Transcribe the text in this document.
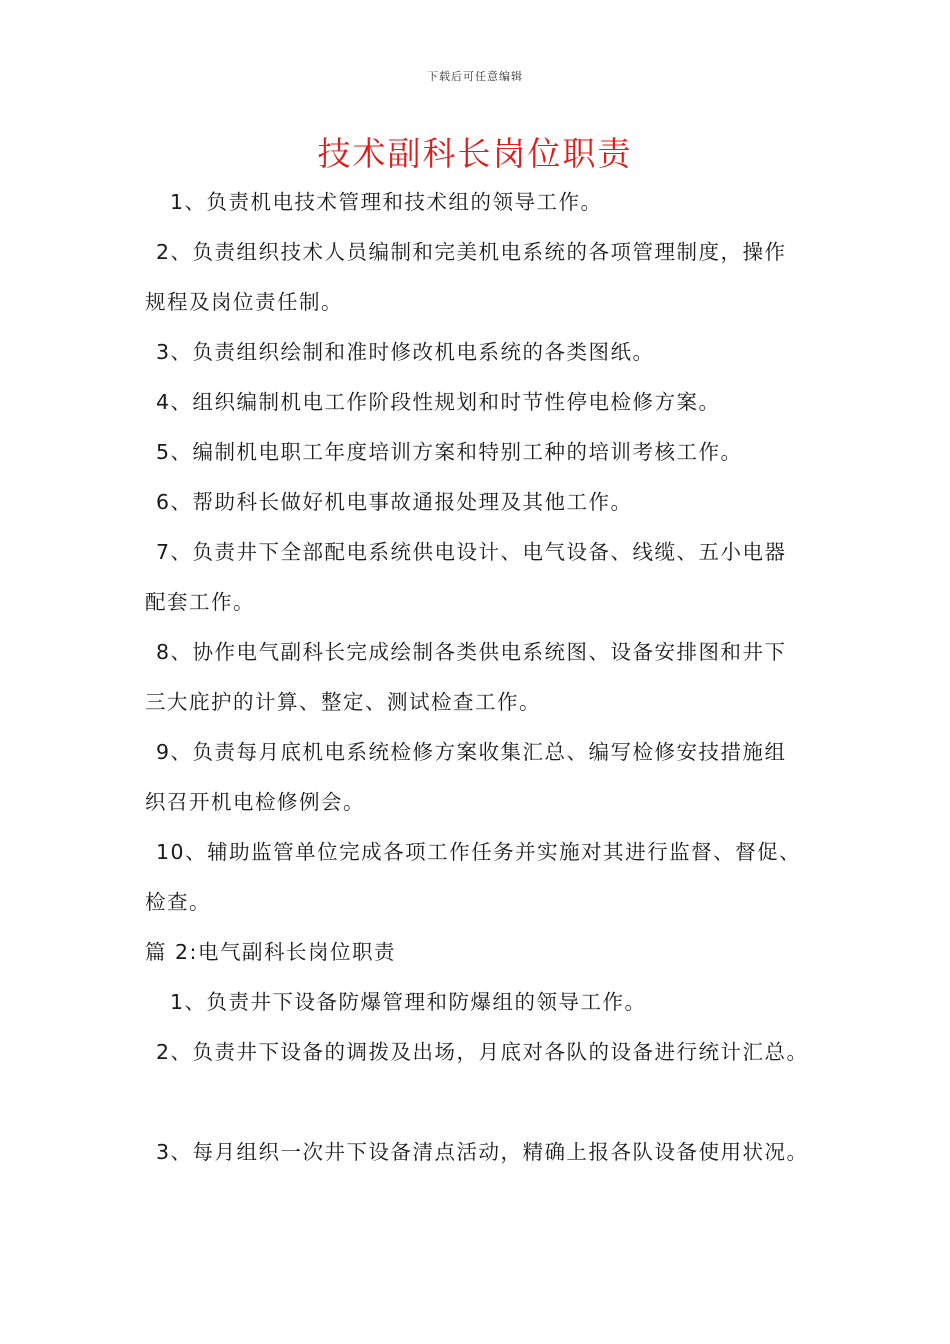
下载后可任意编辑
技术副科长岗位职责
1、负责机电技术管理和技术组的领导工作。
2、负责组织技术人员编制和完美机电系统的各项管理制度，操作
规程及岗位责任制。
3、负责组织绘制和准时修改机电系统的各类图纸。
4、组织编制机电工作阶段性规划和时节性停电检修方案。
5、编制机电职工年度培训方案和特别工种的培训考核工作。
6、帮助科长做好机电事故通报处理及其他工作。
7、负责井下全部配电系统供电设计、电气设备、线缆、五小电器
配套工作。
8、协作电气副科长完成绘制各类供电系统图、设备安排图和井下
三大庇护的计算、整定、测试检查工作。
9、负责每月底机电系统检修方案收集汇总、编写检修安技措施组
织召开机电检修例会。
10、辅助监管单位完成各项工作任务并实施对其进行监督、督促、
检查。
篇 2:电气副科长岗位职责
1、负责井下设备防爆管理和防爆组的领导工作。
2、负责井下设备的调拨及出场，月底对各队的设备进行统计汇总。
3、每月组织一次井下设备清点活动，精确上报各队设备使用状况。
